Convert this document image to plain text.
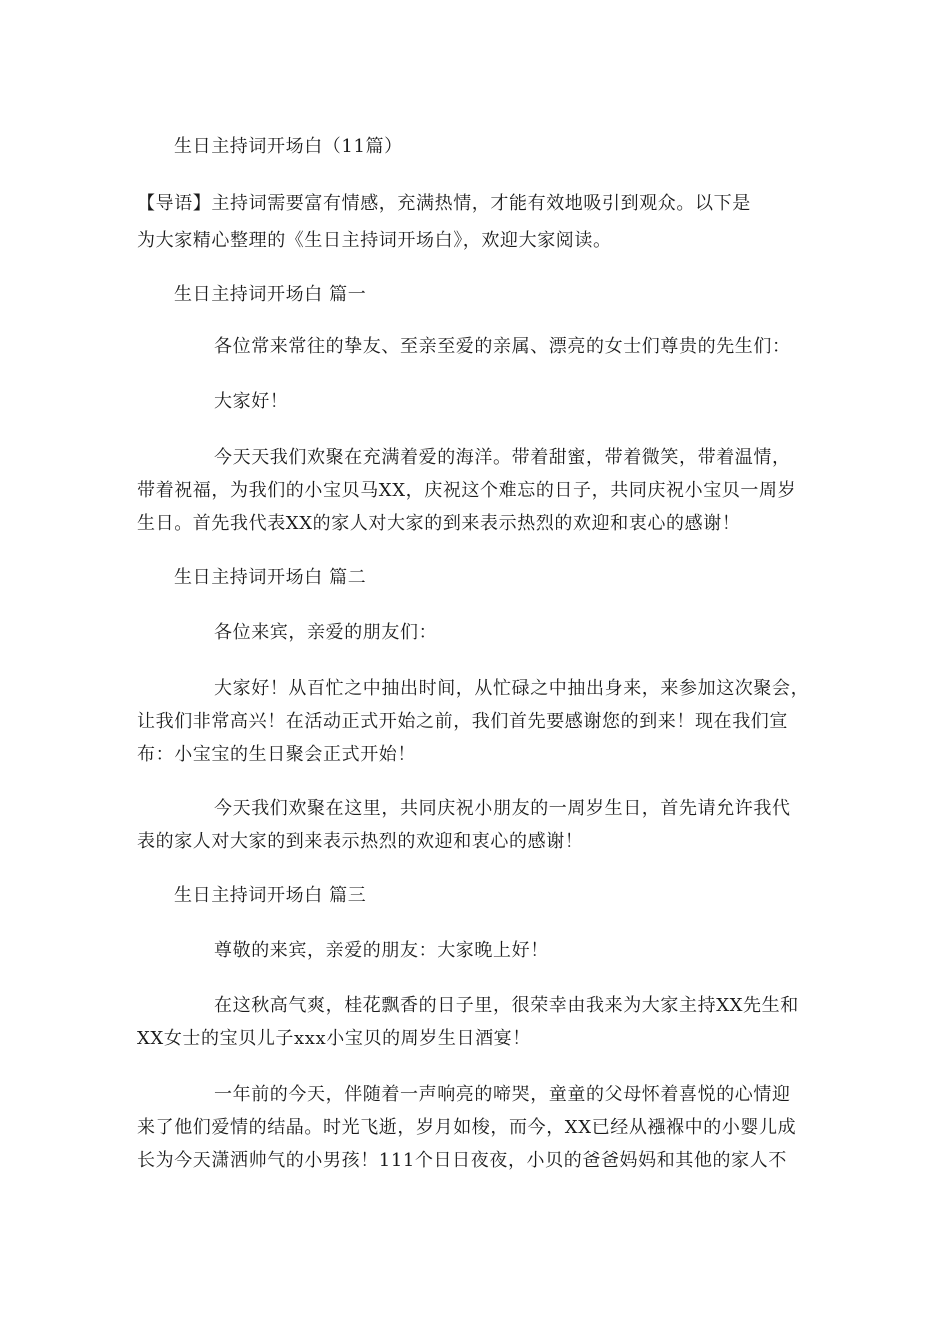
生日主持词开场白（11篇）
【导语】主持词需要富有情感，充满热情，才能有效地吸引到观众。以下是
为大家精心整理的《生日主持词开场白》，欢迎大家阅读。
生日主持词开场白 篇一
各位常来常往的挚友、至亲至爱的亲属、漂亮的女士们尊贵的先生们：
大家好！
今天天我们欢聚在充满着爱的海洋。带着甜蜜，带着微笑，带着温情，
带着祝福，为我们的小宝贝马XX，庆祝这个难忘的日子，共同庆祝小宝贝一周岁
生日。首先我代表XX的家人对大家的到来表示热烈的欢迎和衷心的感谢！
生日主持词开场白 篇二
各位来宾，亲爱的朋友们：
大家好！从百忙之中抽出时间，从忙碌之中抽出身来，来参加这次聚会，
让我们非常高兴！在活动正式开始之前，我们首先要感谢您的到来！现在我们宣
布：小宝宝的生日聚会正式开始！
今天我们欢聚在这里，共同庆祝小朋友的一周岁生日，首先请允许我代
表的家人对大家的到来表示热烈的欢迎和衷心的感谢！
生日主持词开场白 篇三
尊敬的来宾，亲爱的朋友：大家晚上好！
在这秋高气爽，桂花飘香的日子里，很荣幸由我来为大家主持XX先生和
XX女士的宝贝儿子xxx小宝贝的周岁生日酒宴！
一年前的今天，伴随着一声响亮的啼哭，童童的父母怀着喜悦的心情迎
来了他们爱情的结晶。时光飞逝，岁月如梭，而今，XX已经从襁褓中的小婴儿成
长为今天潇洒帅气的小男孩！111个日日夜夜，小贝的爸爸妈妈和其他的家人不
